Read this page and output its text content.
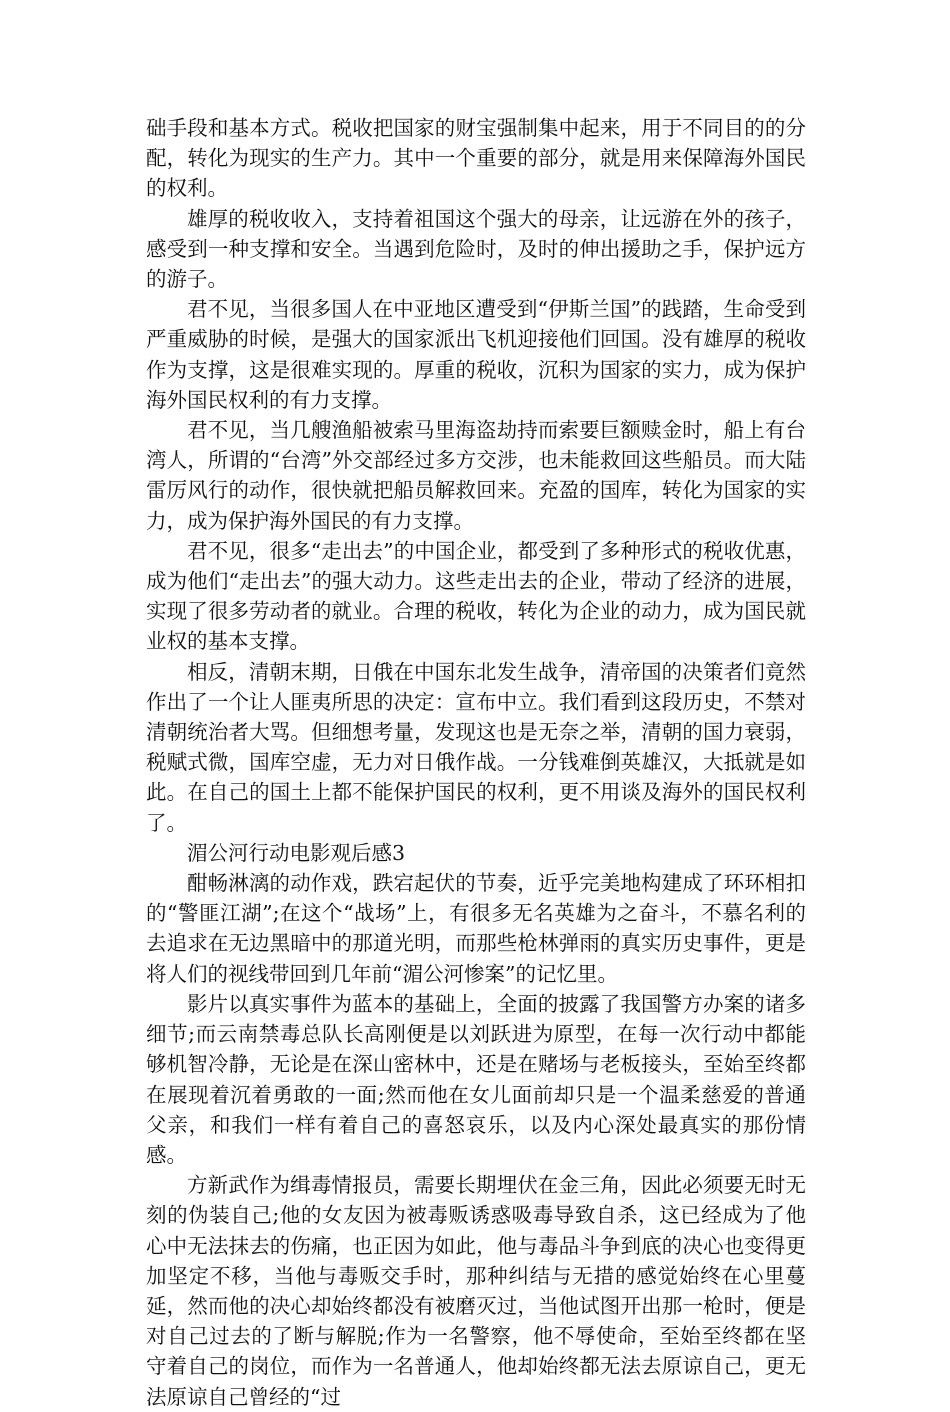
础手段和基本方式。税收把国家的财宝强制集中起来，用于不同目的的分配，转化为现实的生产力。其中一个重要的部分，就是用来保障海外国民的权利。

雄厚的税收收入，支持着祖国这个强大的母亲，让远游在外的孩子，感受到一种支撑和安全。当遇到危险时，及时的伸出援助之手，保护远方的游子。

君不见，当很多国人在中亚地区遭受到“伊斯兰国”的践踏，生命受到严重威胁的时候，是强大的国家派出飞机迎接他们回国。没有雄厚的税收作为支撑，这是很难实现的。厚重的税收，沉积为国家的实力，成为保护海外国民权利的有力支撑。

君不见，当几艘渔船被索马里海盗劫持而索要巨额赎金时，船上有台湾人，所谓的“台湾”外交部经过多方交涉，也未能救回这些船员。而大陆雷厉风行的动作，很快就把船员解救回来。充盈的国库，转化为国家的实力，成为保护海外国民的有力支撑。

君不见，很多“走出去”的中国企业，都受到了多种形式的税收优惠，成为他们“走出去”的强大动力。这些走出去的企业，带动了经济的进展，实现了很多劳动者的就业。合理的税收，转化为企业的动力，成为国民就业权的基本支撑。

相反，清朝末期，日俄在中国东北发生战争，清帝国的决策者们竟然作出了一个让人匪夷所思的决定：宣布中立。我们看到这段历史，不禁对清朝统治者大骂。但细想考量，发现这也是无奈之举，清朝的国力衰弱，税赋式微，国库空虚，无力对日俄作战。一分钱难倒英雄汉，大抵就是如此。在自己的国土上都不能保护国民的权利，更不用谈及海外的国民权利了。

湄公河行动电影观后感3

酣畅淋漓的动作戏，跌宕起伏的节奏，近乎完美地构建成了环环相扣的“警匪江湖”;在这个“战场”上，有很多无名英雄为之奋斗，不慕名利的去追求在无边黑暗中的那道光明，而那些枪林弹雨的真实历史事件，更是将人们的视线带回到几年前“湄公河惨案”的记忆里。

影片以真实事件为蓝本的基础上，全面的披露了我国警方办案的诸多细节;而云南禁毒总队长高刚便是以刘跃进为原型，在每一次行动中都能够机智冷静，无论是在深山密林中，还是在赌场与老板接头，至始至终都在展现着沉着勇敢的一面;然而他在女儿面前却只是一个温柔慈爱的普通父亲，和我们一样有着自己的喜怒哀乐，以及内心深处最真实的那份情感。

方新武作为缉毒情报员，需要长期埋伏在金三角，因此必须要无时无刻的伪装自己;他的女友因为被毒贩诱惑吸毒导致自杀，这已经成为了他心中无法抹去的伤痛，也正因为如此，他与毒品斗争到底的决心也变得更加坚定不移，当他与毒贩交手时，那种纠结与无措的感觉始终在心里蔓延，然而他的决心却始终都没有被磨灭过，当他试图开出那一枪时，便是对自己过去的了断与解脱;作为一名警察，他不辱使命，至始至终都在坚守着自己的岗位，而作为一名普通人，他却始终都无法去原谅自己，更无法原谅自己曾经的“过
